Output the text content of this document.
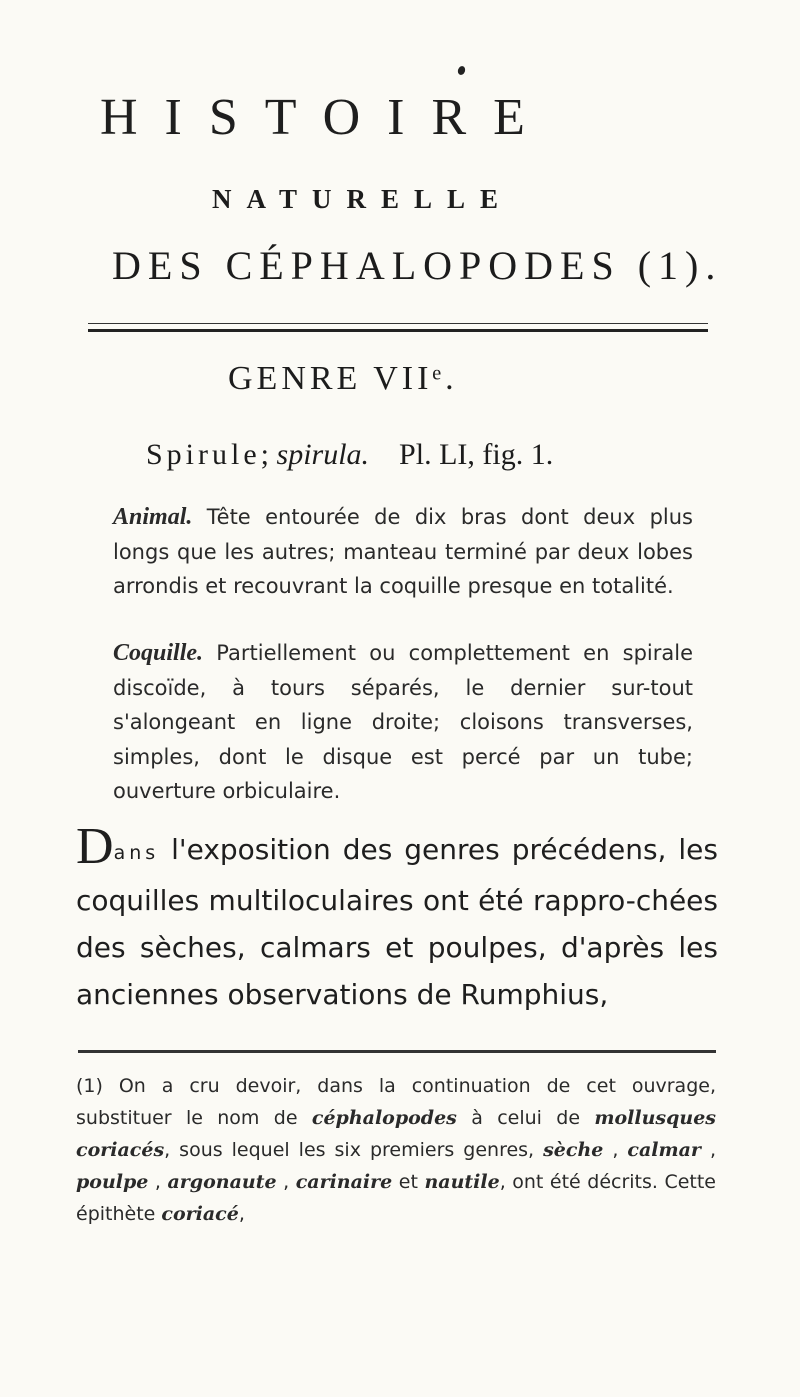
HISTOIRE
NATURELLE
DES CÉPHALOPODES (1).
GENRE VIIᵉ.
Spirule; spirula. Pl. LI, fig. 1.
Animal. Tête entourée de dix bras dont deux plus longs que les autres; manteau terminé par deux lobes arrondis et recouvrant la coquille presque en totalité.
Coquille. Partiellement ou complettement en spirale discoïde, à tours séparés, le dernier sur-tout s'alongeant en ligne droite; cloisons transverses, simples, dont le disque est percé par un tube; ouverture orbiculaire.
Dans l'exposition des genres précédens, les coquilles multiloculaires ont été rappro-chées des sèches, calmars et poulpes, d'après les anciennes observations de Rumphius,
(1) On a cru devoir, dans la continuation de cet ouvrage, substituer le nom de céphalopodes à celui de mollusques coriacés, sous lequel les six premiers genres, sèche , calmar , poulpe , argonaute , carinaire et nautile, ont été décrits. Cette épithète coriacé,
